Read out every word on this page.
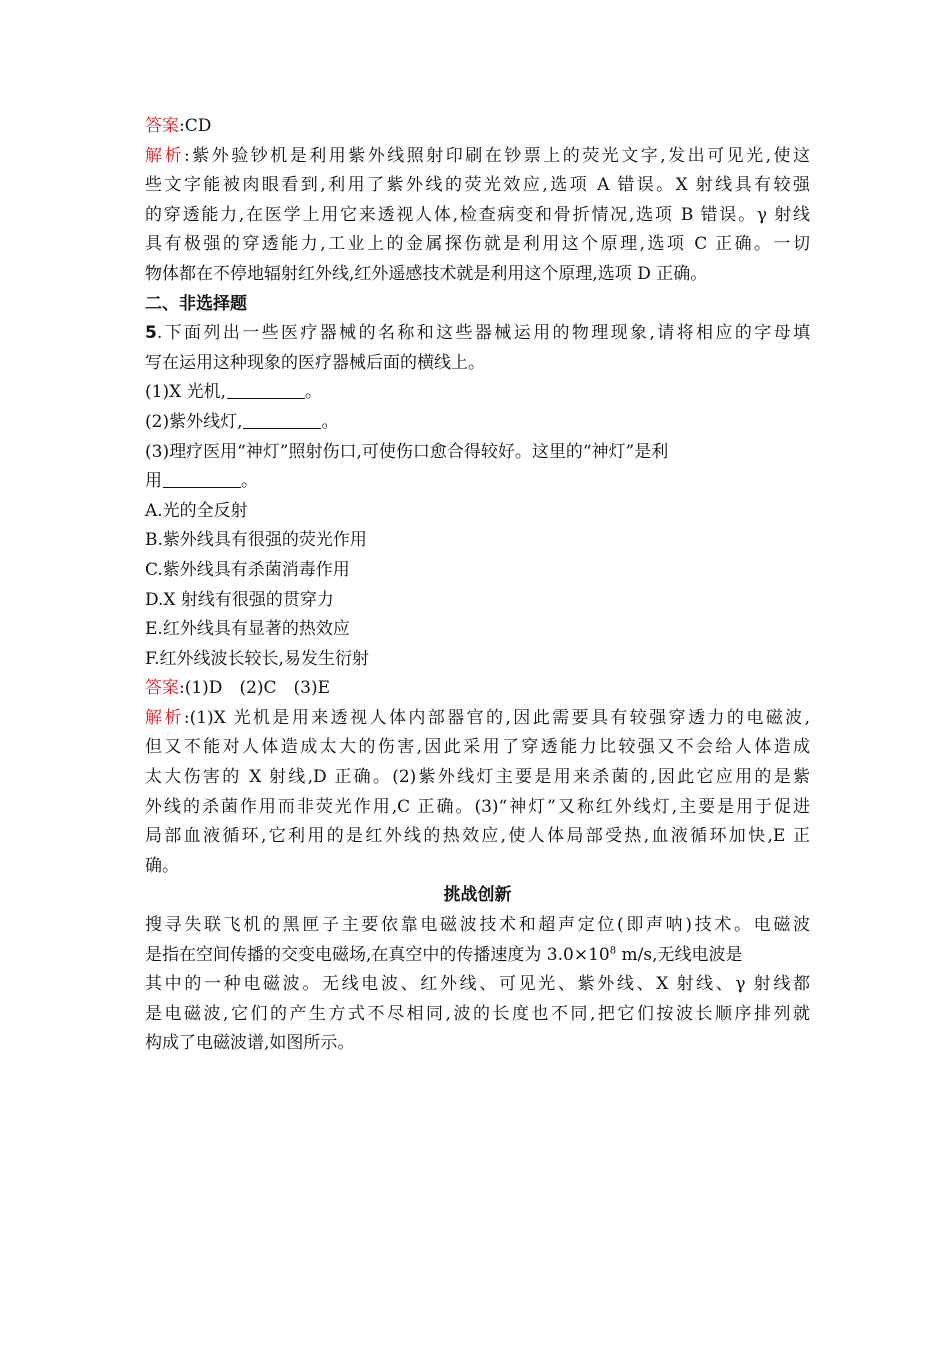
答案:CD
解析:紫外验钞机是利用紫外线照射印刷在钞票上的荧光文字,发出可见光,使这
些文字能被肉眼看到,利用了紫外线的荧光效应,选项 A 错误。X 射线具有较强
的穿透能力,在医学上用它来透视人体,检查病变和骨折情况,选项 B 错误。γ 射线
具有极强的穿透能力,工业上的金属探伤就是利用这个原理,选项 C 正确。一切
物体都在不停地辐射红外线,红外遥感技术就是利用这个原理,选项 D 正确。
二、非选择题
5.下面列出一些医疗器械的名称和这些器械运用的物理现象,请将相应的字母填
写在运用这种现象的医疗器械后面的横线上。
(1)X 光机,	。
(2)紫外线灯,	。
(3)理疗医用“神灯”照射伤口,可使伤口愈合得较好。这里的“神灯”是利
用	。
A.光的全反射
B.紫外线具有很强的荧光作用
C.紫外线具有杀菌消毒作用
D.X 射线有很强的贯穿力
E.红外线具有显著的热效应
F.红外线波长较长,易发生衍射
答案:(1)D　(2)C　(3)E
解析:(1)X 光机是用来透视人体内部器官的,因此需要具有较强穿透力的电磁波,
但又不能对人体造成太大的伤害,因此采用了穿透能力比较强又不会给人体造成
太大伤害的 X 射线,D 正确。(2)紫外线灯主要是用来杀菌的,因此它应用的是紫
外线的杀菌作用而非荧光作用,C 正确。(3)“神灯”又称红外线灯,主要是用于促进
局部血液循环,它利用的是红外线的热效应,使人体局部受热,血液循环加快,E 正
确。
挑战创新
搜寻失联飞机的黑匣子主要依靠电磁波技术和超声定位(即声呐)技术。电磁波
是指在空间传播的交变电磁场,在真空中的传播速度为 $3.0\times 10^8$ m/s,无线电波是
其中的一种电磁波。无线电波、红外线、可见光、紫外线、X 射线、γ 射线都
是电磁波,它们的产生方式不尽相同,波的长度也不同,把它们按波长顺序排列就
构成了电磁波谱,如图所示。
